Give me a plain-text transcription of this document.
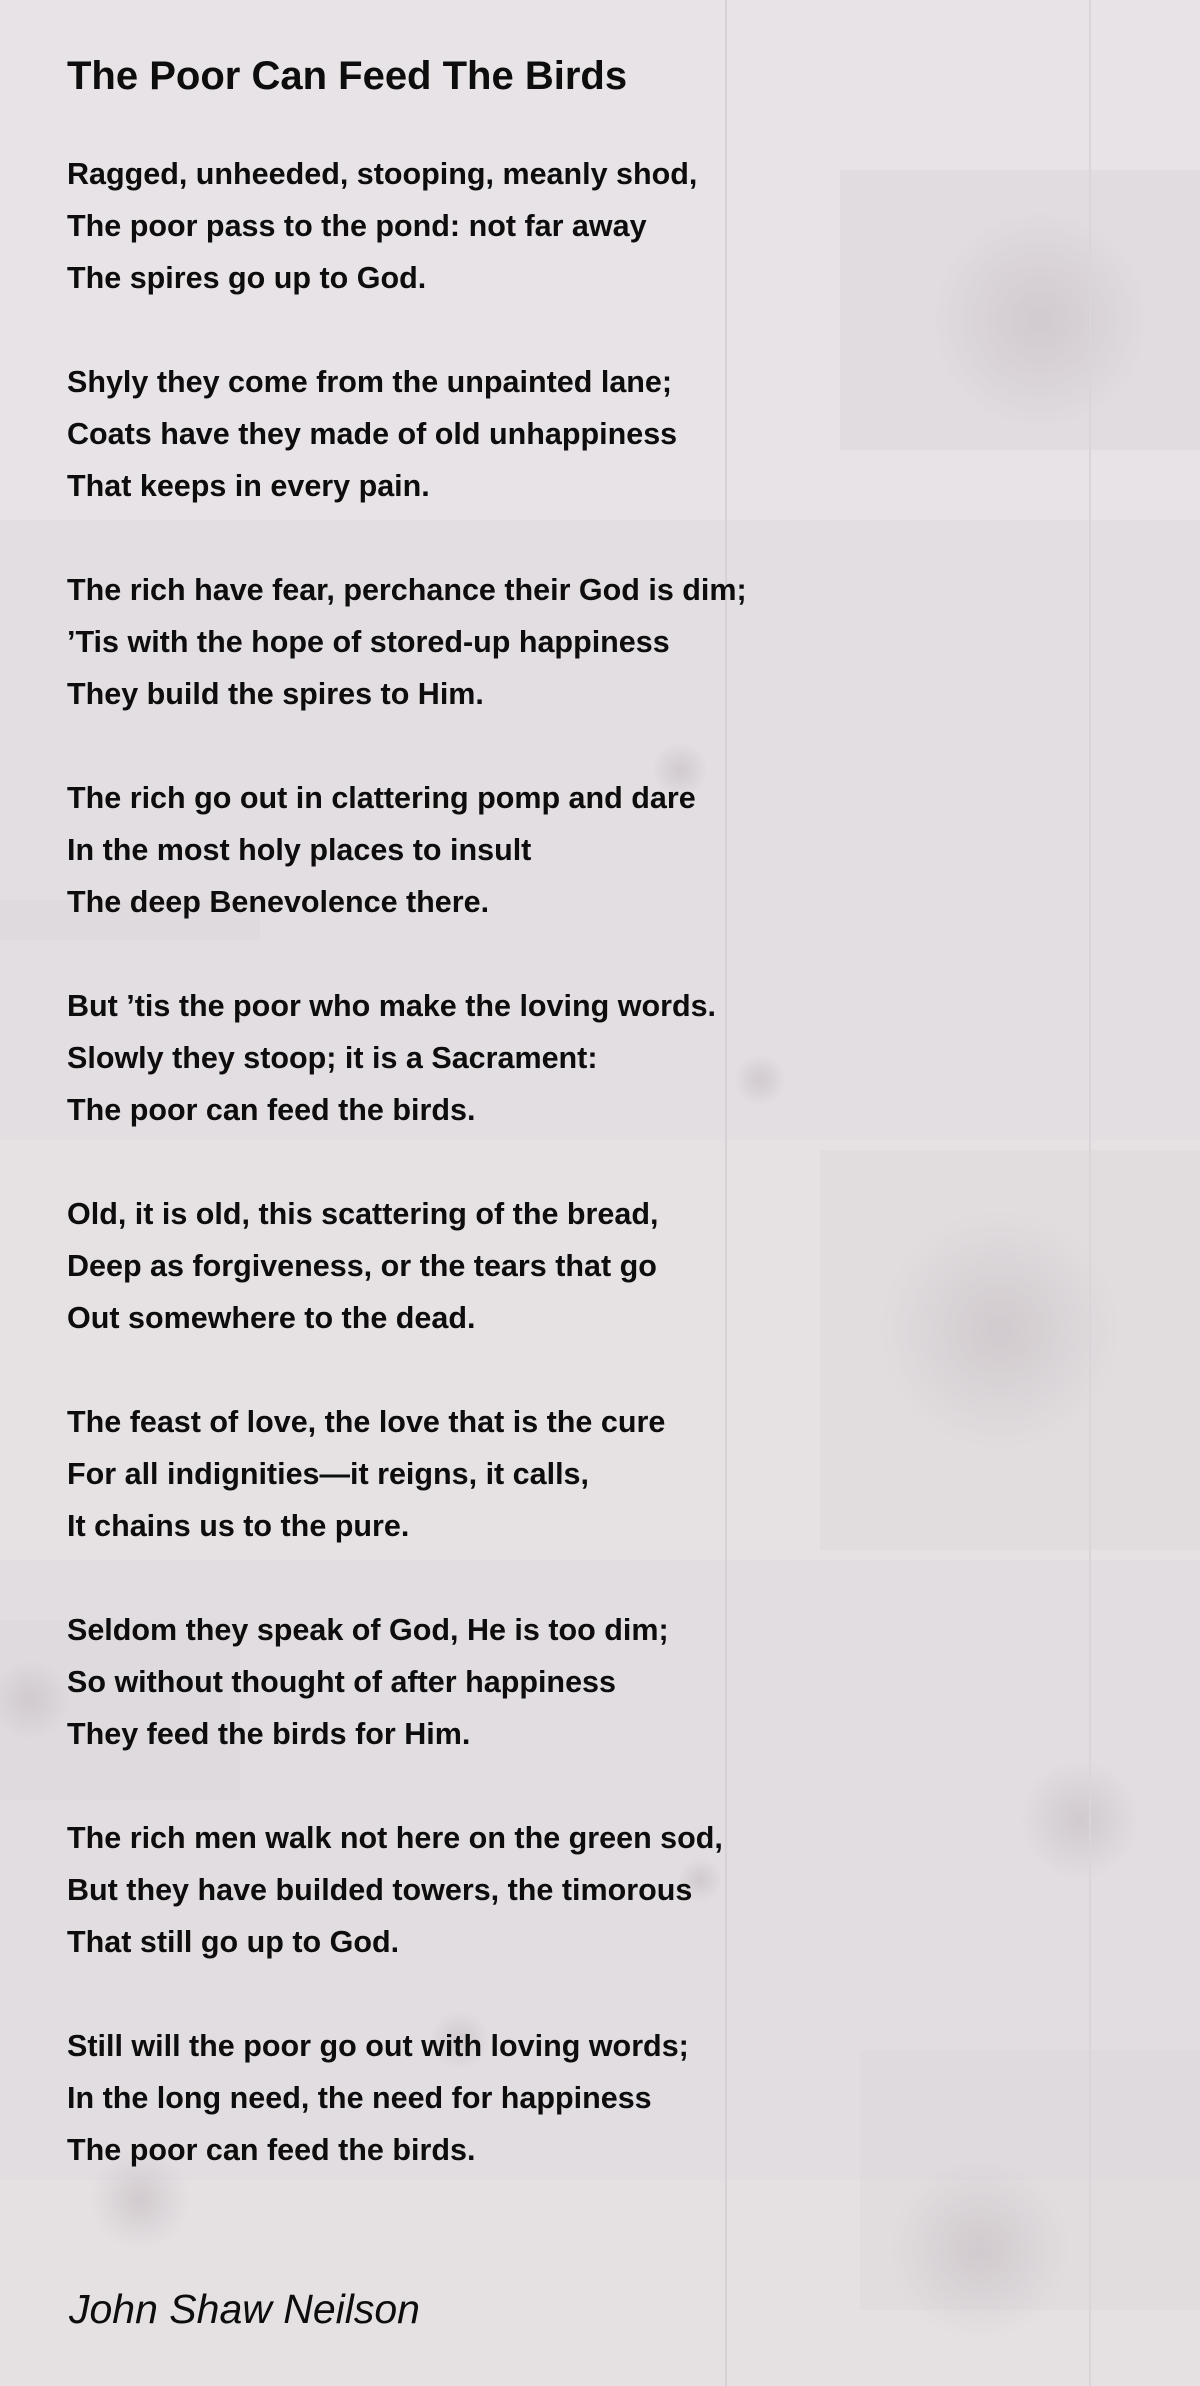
The Poor Can Feed The Birds
Ragged, unheeded, stooping, meanly shod,
The poor pass to the pond: not far away
The spires go up to God.
Shyly they come from the unpainted lane;
Coats have they made of old unhappiness
That keeps in every pain.
The rich have fear, perchance their God is dim;
’Tis with the hope of stored-up happiness
They build the spires to Him.
The rich go out in clattering pomp and dare
In the most holy places to insult
The deep Benevolence there.
But ’tis the poor who make the loving words.
Slowly they stoop; it is a Sacrament:
The poor can feed the birds.
Old, it is old, this scattering of the bread,
Deep as forgiveness, or the tears that go
Out somewhere to the dead.
The feast of love, the love that is the cure
For all indignities—it reigns, it calls,
It chains us to the pure.
Seldom they speak of God, He is too dim;
So without thought of after happiness
They feed the birds for Him.
The rich men walk not here on the green sod,
But they have builded towers, the timorous
That still go up to God.
Still will the poor go out with loving words;
In the long need, the need for happiness
The poor can feed the birds.

John Shaw Neilson
